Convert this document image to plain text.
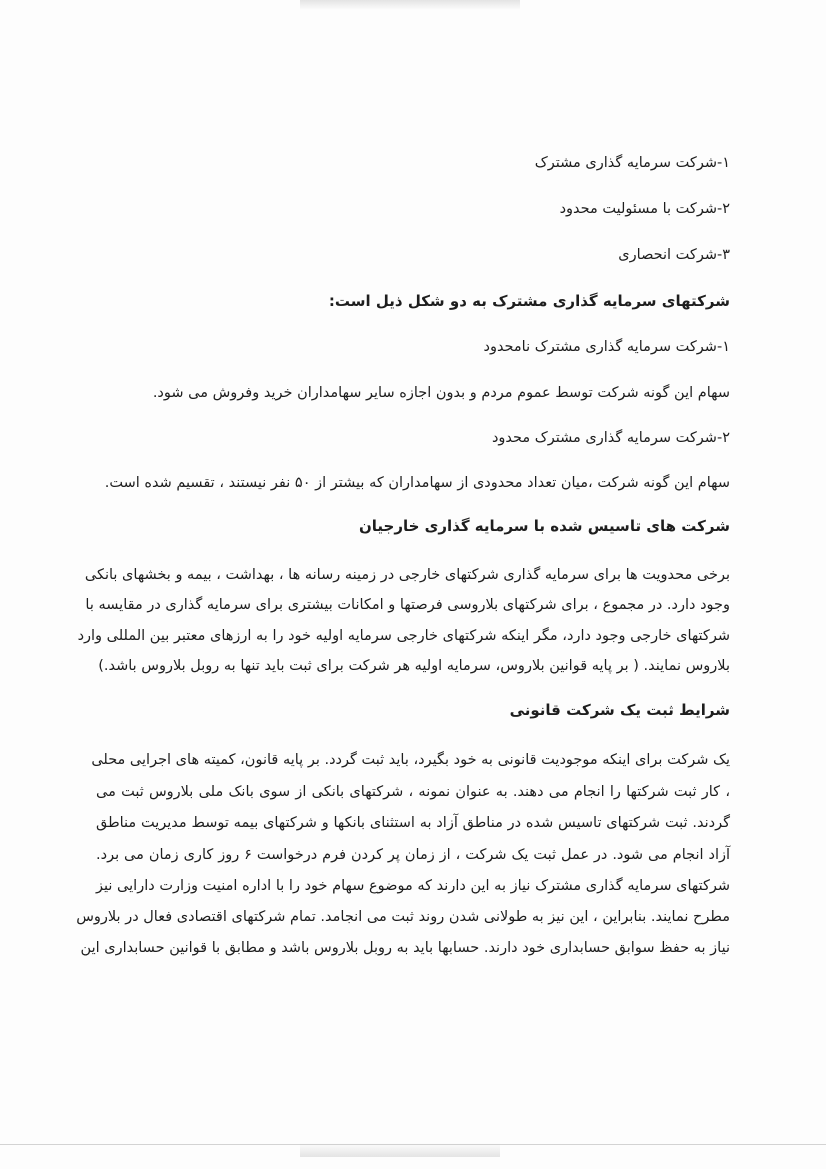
۱-شرکت سرمایه گذاری مشترک
۲-شرکت با مسئولیت محدود
۳-شرکت انحصاری
شرکتهای سرمایه گذاری مشترک به دو شکل ذیل است:
۱-شرکت سرمایه گذاری مشترک نامحدود
سهام این گونه شرکت توسط عموم مردم و بدون اجازه سایر سهامداران خرید وفروش می شود.
۲-شرکت سرمایه گذاری مشترک محدود
سهام این گونه شرکت ،میان تعداد محدودی از سهامداران که بیشتر از ۵۰ نفر نیستند ، تقسیم شده است.
شرکت های تاسیس شده با سرمایه گذاری خارجیان
برخی محدویت ها برای سرمایه گذاری شرکتهای خارجی در زمینه رسانه ها ، بهداشت ، بیمه و بخشهای بانکی
وجود دارد. در مجموع ، برای شرکتهای بلاروسی فرصتها و امکانات بیشتری برای سرمایه گذاری در مقایسه با
شرکتهای خارجی وجود دارد، مگر اینکه شرکتهای خارجی سرمایه اولیه خود را به ارزهای معتبر بین المللی وارد
بلاروس نمایند. ( بر پایه قوانین بلاروس، سرمایه اولیه هر شرکت برای ثبت باید تنها به روبل بلاروس باشد.)
شرایط ثبت یک شرکت قانونی
یک شرکت برای اینکه موجودیت قانونی به خود بگیرد، باید ثبت گردد. بر پایه قانون، کمیته های اجرایی محلی
، کار ثبت شرکتها را انجام می دهند. به عنوان نمونه ، شرکتهای بانکی از سوی بانک ملی بلاروس ثبت می
گردند. ثبت شرکتهای تاسیس شده در مناطق آزاد به استثنای بانکها و شرکتهای بیمه توسط مدیریت مناطق
آزاد انجام می شود. در عمل ثبت یک شرکت ، از زمان پر کردن فرم درخواست ۶ روز کاری زمان می برد.
شرکتهای سرمایه گذاری مشترک نیاز به این دارند که موضوع سهام خود را با اداره امنیت وزارت دارایی نیز
مطرح نمایند. بنابراین ، این نیز به طولانی شدن روند ثبت می انجامد. تمام شرکتهای اقتصادی فعال در بلاروس
نیاز به حفظ سوابق حسابداری خود دارند. حسابها باید به روبل بلاروس باشد و مطابق با قوانین حسابداری این
